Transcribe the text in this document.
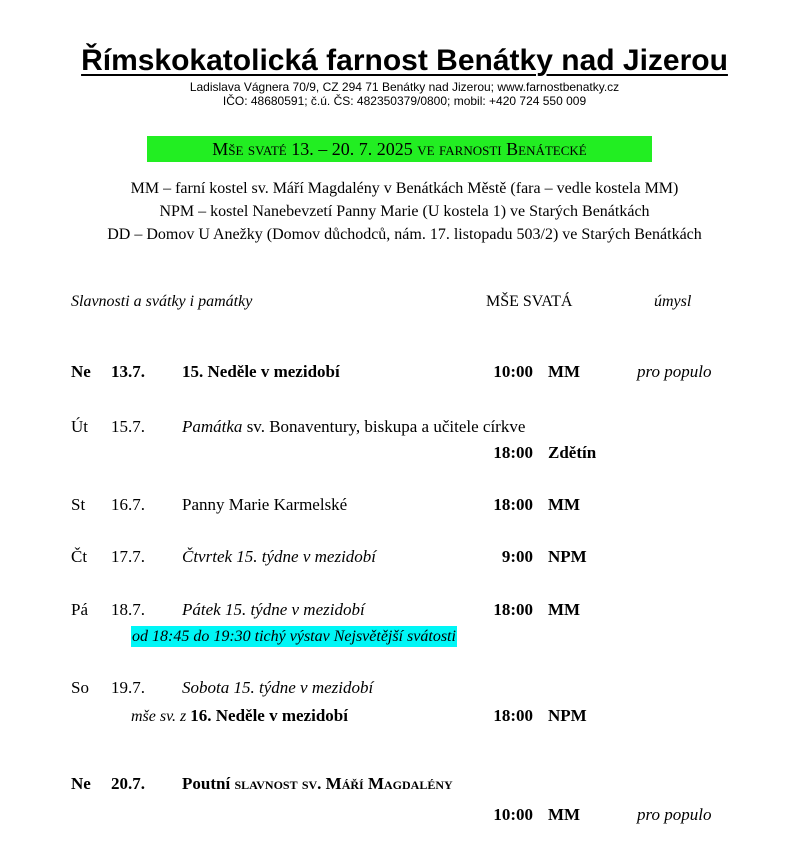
Římskokatolická farnost Benátky nad Jizerou
Ladislava Vágnera 70/9, CZ 294 71 Benátky nad Jizerou; www.farnostbenatky.cz
IČO: 48680591; č.ú. ČS: 482350379/0800; mobil: +420 724 550 009
Mše svaté 13. – 20. 7. 2025 ve farnosti Benátecké
MM – farní kostel sv. Máří Magdalény v Benátkách Městě (fara – vedle kostela MM)
NPM – kostel Nanebevzetí Panny Marie (U kostela 1) ve Starých Benátkách
DD – Domov U Anežky (Domov důchodců, nám. 17. listopadu 503/2) ve Starých Benátkách
Slavnosti a svátky i památky	MŠE SVATÁ	úmysl
Ne 13.7. 15. Neděle v mezidobí	10:00 MM	pro populo
Út 15.7. Památka sv. Bonaventury, biskupa a učitele církve
18:00 Zdětín
St 16.7. Panny Marie Karmelské	18:00 MM
Čt 17.7. Čtvrtek 15. týdne v mezidobí	9:00 NPM
Pá 18.7. Pátek 15. týdne v mezidobí	18:00 MM
od 18:45 do 19:30 tichý výstav Nejsvětější svátosti
So 19.7. Sobota 15. týdne v mezidobí
mše sv. z 16. Neděle v mezidobí	18:00 NPM
Ne 20.7. Poutní slavnost sv. Máří Magdalény
10:00 MM	pro populo
